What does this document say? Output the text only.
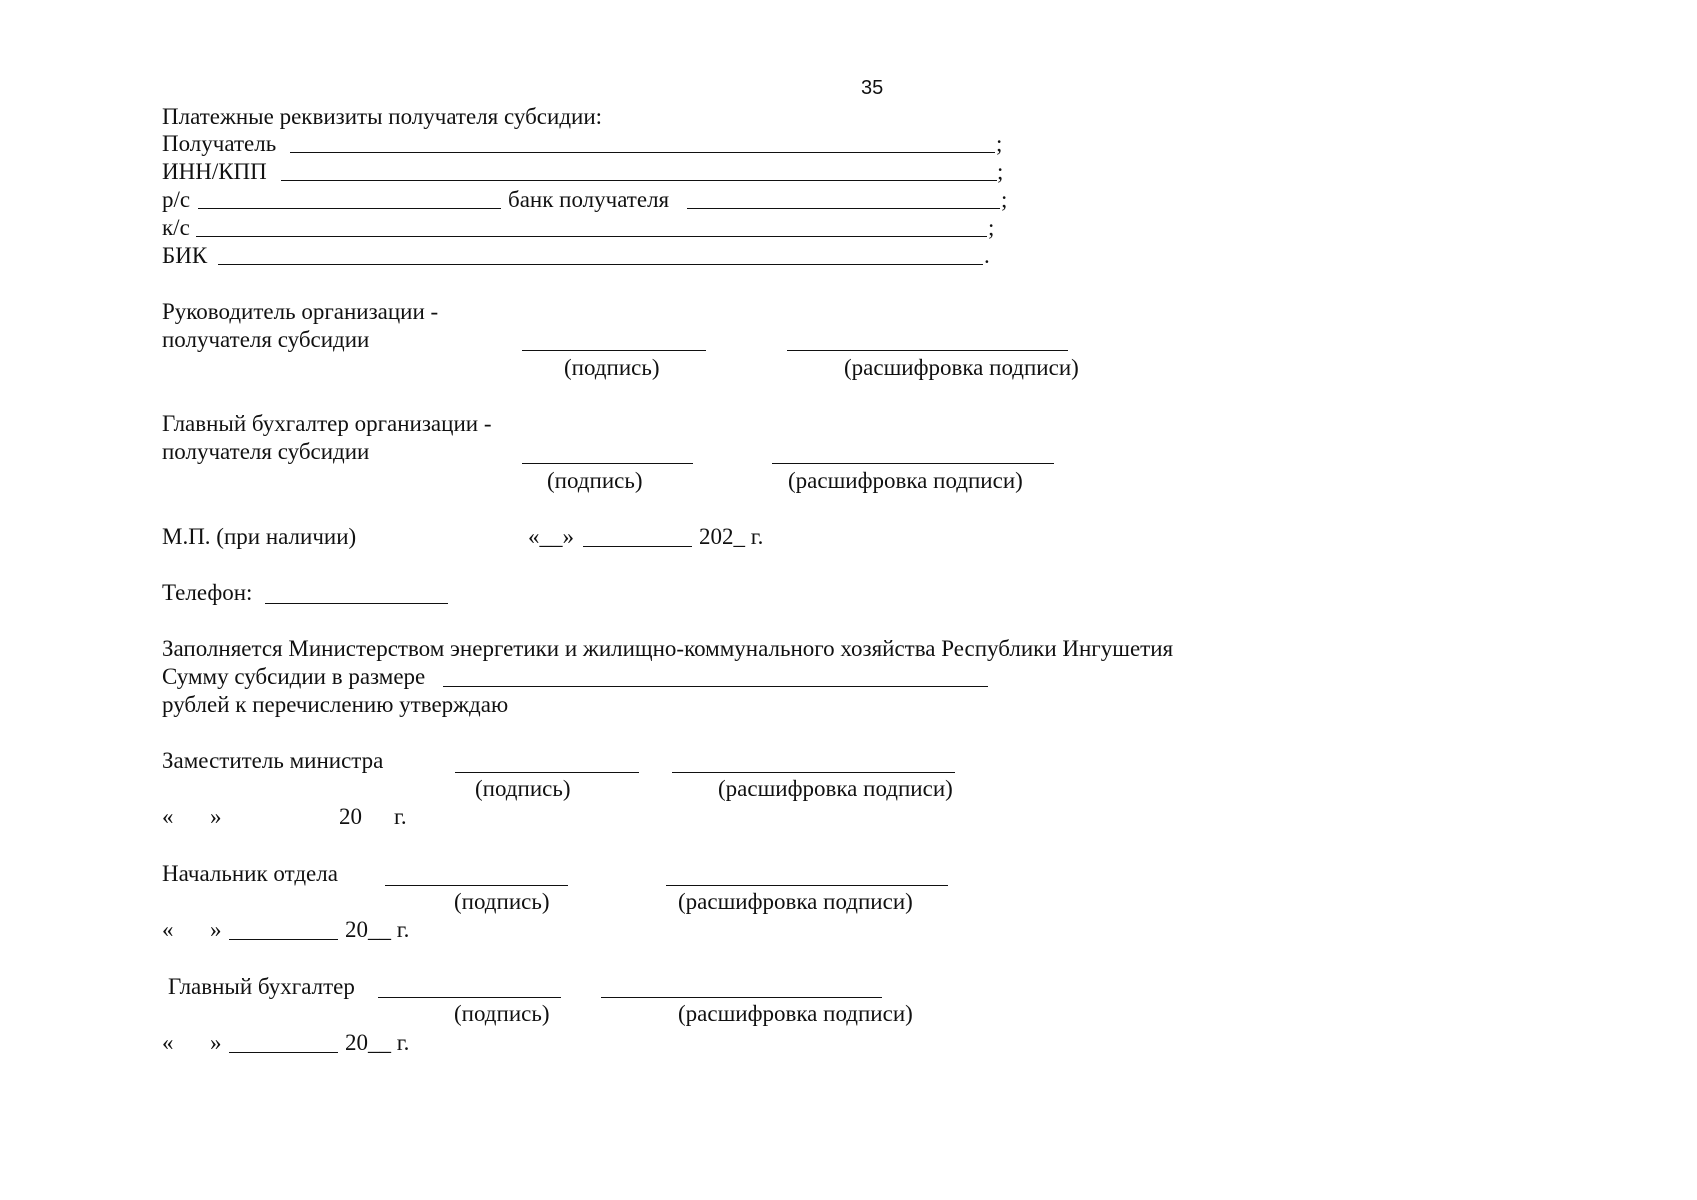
35
Платежные реквизиты получателя субсидии:
Получатель	;
ИНН/КПП	;
р/с	банк получателя	;
к/с	;
БИК	.
Руководитель организации -
получателя субсидии
(подпись)	(расшифровка подписи)
Главный бухгалтер организации -
получателя субсидии
(подпись)	(расшифровка подписи)
М.П. (при наличии)	«__»	202_ г.
Телефон:
Заполняется Министерством энергетики и жилищно-коммунального хозяйства Республики Ингушетия
Сумму субсидии в размере
рублей к перечислению утверждаю
Заместитель министра
(подпись)	(расшифровка подписи)
« »	20 г.
Начальник отдела
(подпись)	(расшифровка подписи)
« »	20__ г.
Главный бухгалтер
(подпись)	(расшифровка подписи)
« »	20__ г.
